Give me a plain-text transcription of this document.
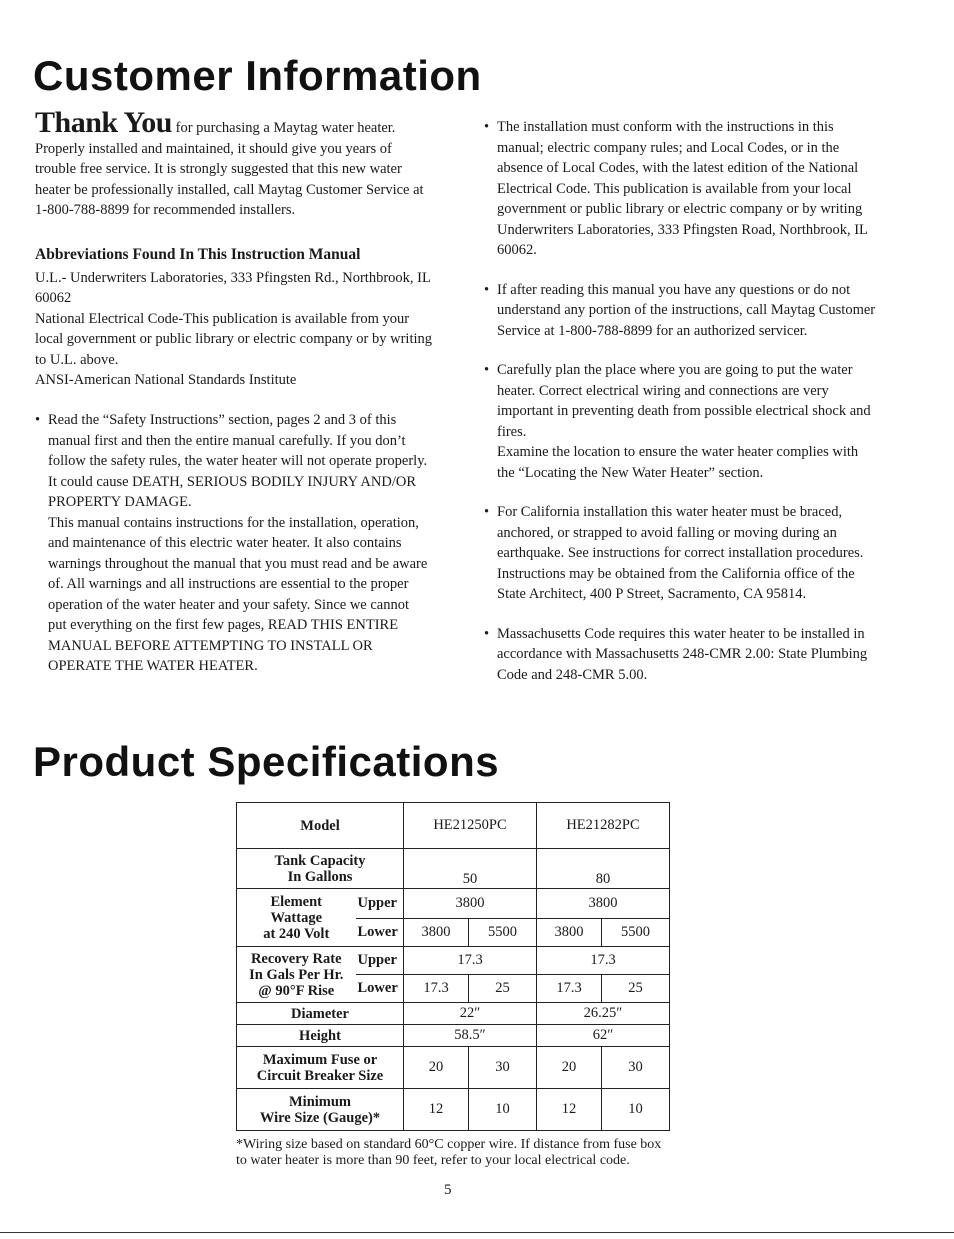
Customer Information
Thank You for purchasing a Maytag water heater. Properly installed and maintained, it should give you years of trouble free service. It is strongly suggested that this new water heater be professionally installed, call Maytag Customer Service at 1-800-788-8899 for recommended installers.
Abbreviations Found In This Instruction Manual
U.L.- Underwriters Laboratories, 333 Pfingsten Rd., Northbrook, IL 60062
National Electrical Code-This publication is available from your local government or public library or electric company or by writing to U.L. above.
ANSI-American National Standards Institute
• Read the “Safety Instructions” section, pages 2 and 3 of this manual first and then the entire manual carefully. If you don’t follow the safety rules, the water heater will not operate properly. It could cause DEATH, SERIOUS BODILY INJURY AND/OR PROPERTY DAMAGE.
This manual contains instructions for the installation, operation, and maintenance of this electric water heater. It also contains warnings throughout the manual that you must read and be aware of. All warnings and all instructions are essential to the proper operation of the water heater and your safety. Since we cannot put everything on the first few pages, READ THIS ENTIRE MANUAL BEFORE ATTEMPTING TO INSTALL OR OPERATE THE WATER HEATER.
• The installation must conform with the instructions in this manual; electric company rules; and Local Codes, or in the absence of Local Codes, with the latest edition of the National Electrical Code. This publication is available from your local government or public library or electric company or by writing Underwriters Laboratories, 333 Pfingsten Road, Northbrook, IL 60062.
• If after reading this manual you have any questions or do not understand any portion of the instructions, call Maytag Customer Service at 1-800-788-8899 for an authorized servicer.
• Carefully plan the place where you are going to put the water heater. Correct electrical wiring and connections are very important in preventing death from possible electrical shock and fires.
Examine the location to ensure the water heater complies with the “Locating the New Water Heater” section.
• For California installation this water heater must be braced, anchored, or strapped to avoid falling or moving during an earthquake. See instructions for correct installation procedures. Instructions may be obtained from the California office of the State Architect, 400 P Street, Sacramento, CA 95814.
• Massachusetts Code requires this water heater to be installed in accordance with Massachusetts 248-CMR 2.00: State Plumbing Code and 248-CMR 5.00.
Product Specifications
Model		HE21250PC		HE21282PC	

Tank Capacity
In Gallons		50		80	

Element
Wattage
at 240 Volt	Upper	3800		3800	
	Lower	3800	5500	3800	5500

Recovery Rate
In Gals Per Hr.
@ 90°F Rise	Upper	17.3		17.3	
	Lower	17.3	25	17.3	25
Diameter		22″		26.25″	
Height		58.5″		62″	

Maximum Fuse or
Circuit Breaker Size		20	30	20	30

Minimum
Wire Size (Gauge)*		12	10	12	10
*Wiring size based on standard 60°C copper wire. If distance from fuse box to water heater is more than 90 feet, refer to your local electrical code.
5
